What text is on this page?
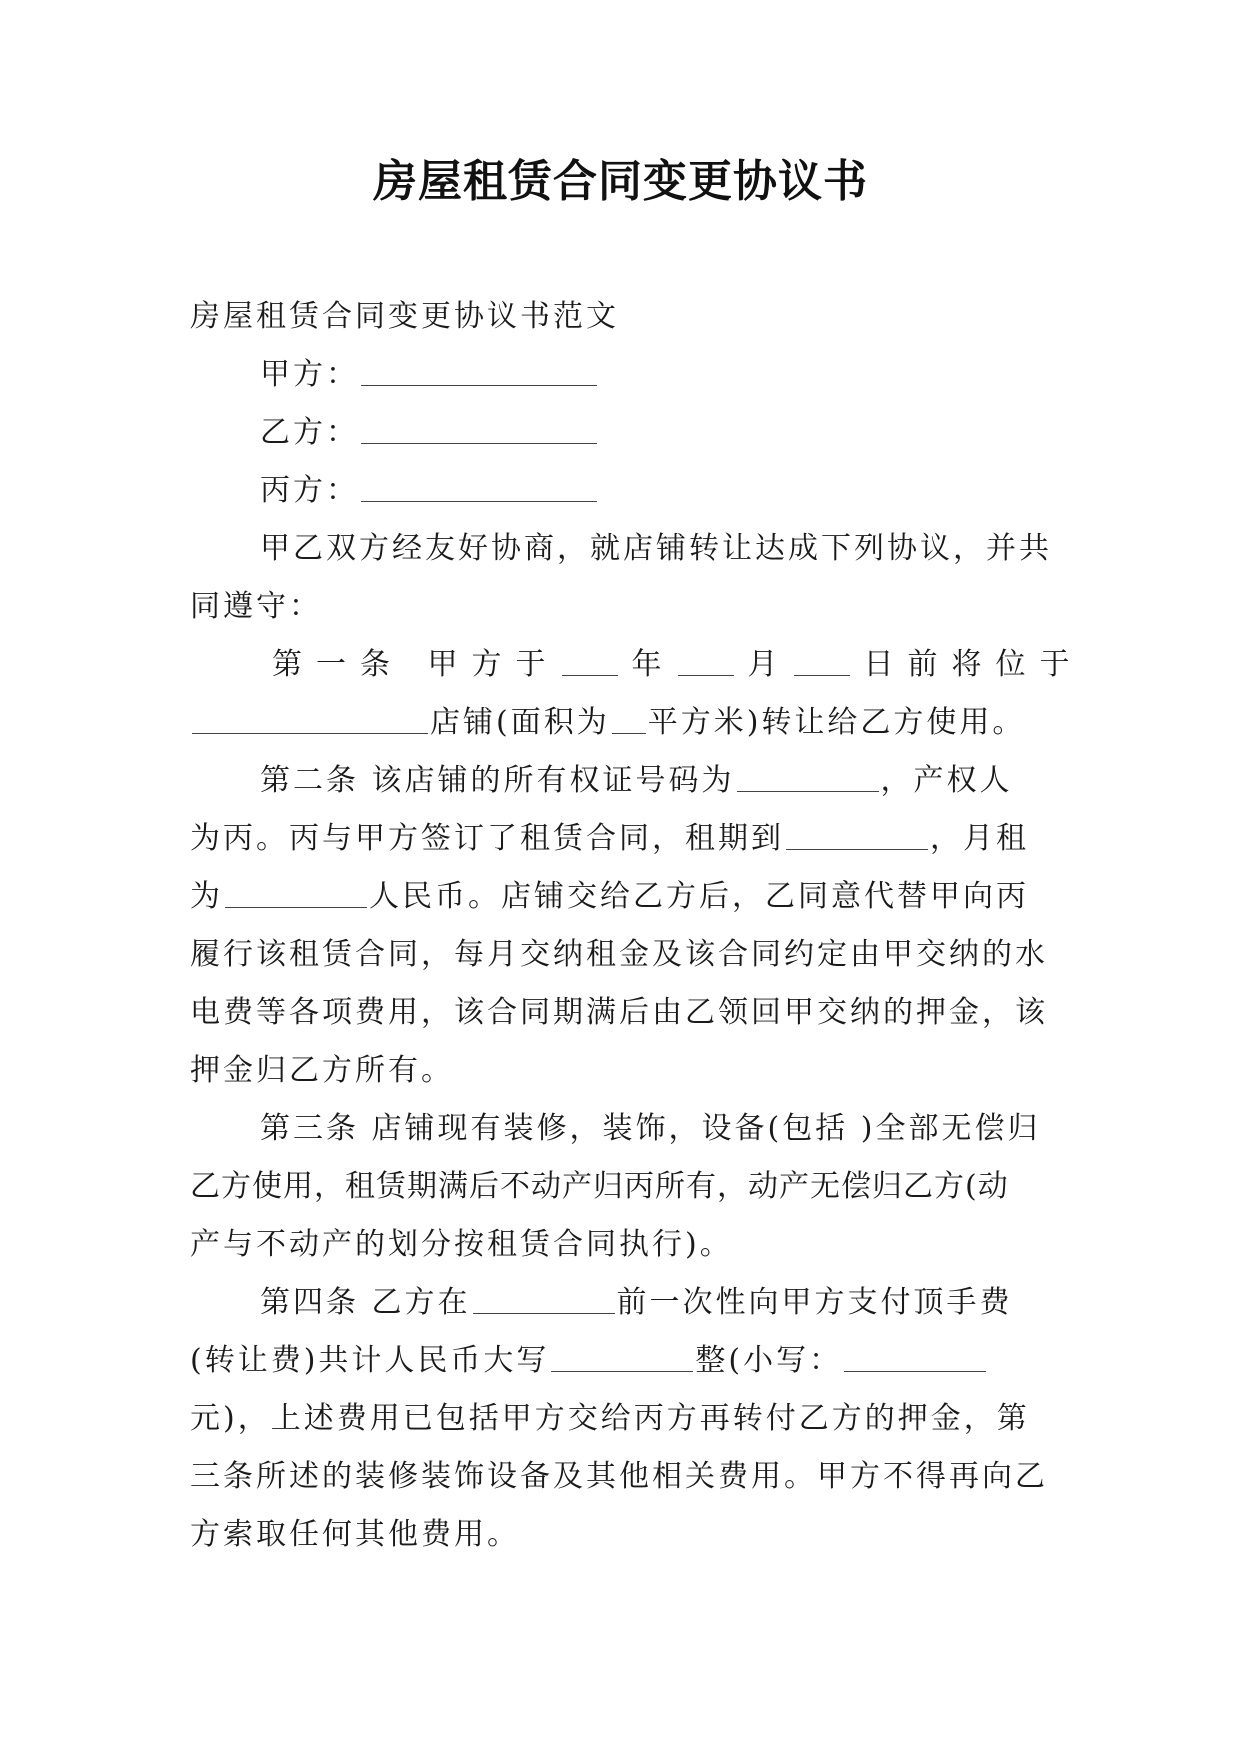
房屋租赁合同变更协议书
房屋租赁合同变更协议书范文
甲方：
乙方：
丙方：
甲乙双方经友好协商，就店铺转让达成下列协议，并共
同遵守：
第一条 甲方于 年 月 日前将位于
店铺(面积为 平方米)转让给乙方使用。
第二条 该店铺的所有权证号码为	，产权人
为丙。丙与甲方签订了租赁合同，租期到	，月租
为	人民币。店铺交给乙方后，乙同意代替甲向丙
履行该租赁合同，每月交纳租金及该合同约定由甲交纳的水
电费等各项费用，该合同期满后由乙领回甲交纳的押金，该
押金归乙方所有。
第三条 店铺现有装修，装饰，设备(包括 )全部无偿归
乙方使用，租赁期满后不动产归丙所有，动产无偿归乙方(动
产与不动产的划分按租赁合同执行)。
第四条 乙方在	前一次性向甲方支付顶手费
(转让费)共计人民币大写	整(小写：
元)，上述费用已包括甲方交给丙方再转付乙方的押金，第
三条所述的装修装饰设备及其他相关费用。甲方不得再向乙
方索取任何其他费用。
